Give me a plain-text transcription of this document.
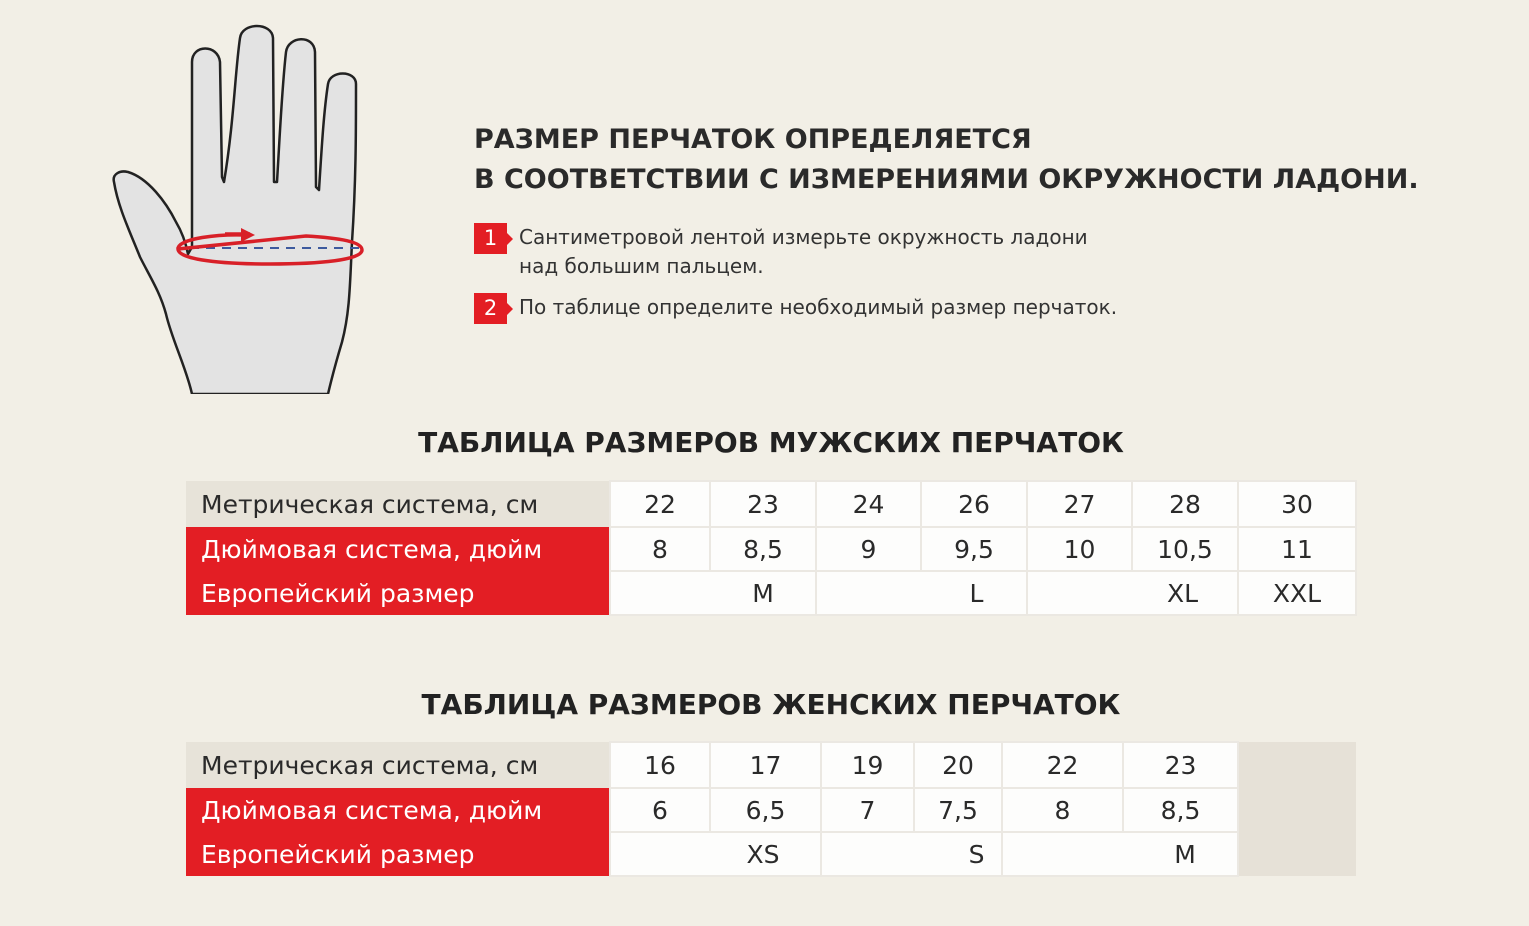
РАЗМЕР ПЕРЧАТОК ОПРЕДЕЛЯЕТСЯ
В СООТВЕТСТВИИ С ИЗМЕРЕНИЯМИ ОКРУЖНОСТИ ЛАДОНИ.
1	Сантиметровой лентой измерьте окружность ладони
над большим пальцем.
2	По таблице определите необходимый размер перчаток.
ТАБЛИЦА РАЗМЕРОВ МУЖСКИХ ПЕРЧАТОК
Метрическая система, см	22	23	24	26	27	28	30
Дюймовая система, дюйм	8	8,5	9	9,5	10	10,5	11
Европейский размер	M		L		XL		XXL
ТАБЛИЦА РАЗМЕРОВ ЖЕНСКИХ ПЕРЧАТОК
Метрическая система, см	16	17	19	20	22	23	
Дюймовая система, дюйм	6	6,5	7	7,5	8	8,5	
Европейский размер	XS		S		M		
